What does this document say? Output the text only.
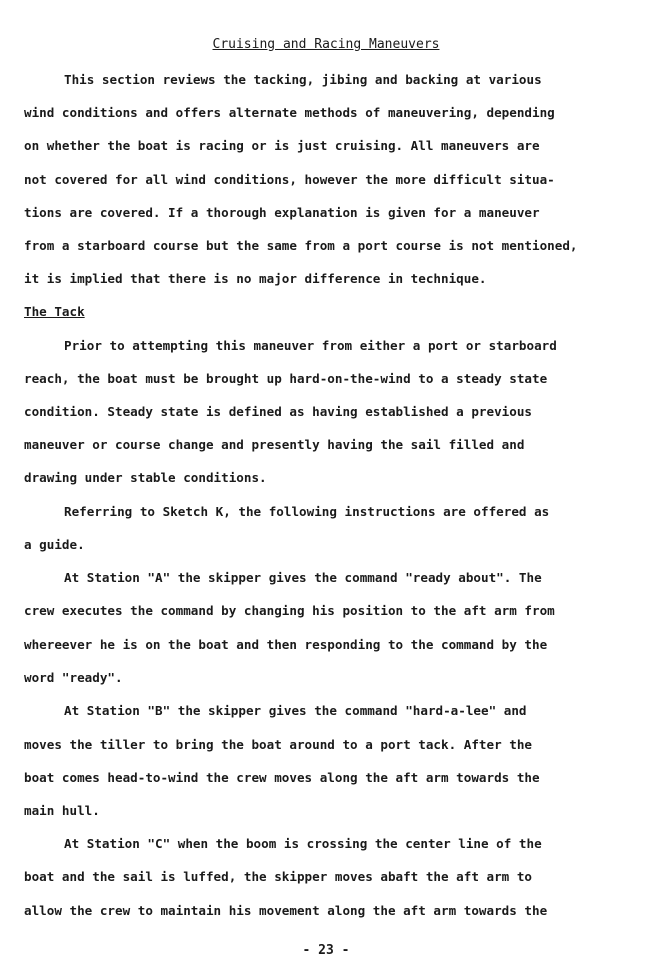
Cruising and Racing Maneuvers
This section reviews the tacking, jibing and backing at various
wind conditions and offers alternate methods of maneuvering, depending
on whether the boat is racing or is just cruising. All maneuvers are
not covered for all wind conditions, however the more difficult situa-
tions are covered. If a thorough explanation is given for a maneuver
from a starboard course but the same from a port course is not mentioned,
it is implied that there is no major difference in technique.
The Tack
Prior to attempting this maneuver from either a port or starboard
reach, the boat must be brought up hard-on-the-wind to a steady state
condition. Steady state is defined as having established a previous
maneuver or course change and presently having the sail filled and
drawing under stable conditions.
Referring to Sketch K, the following instructions are offered as
a guide.
At Station "A" the skipper gives the command "ready about". The
crew executes the command by changing his position to the aft arm from
whereever he is on the boat and then responding to the command by the
word "ready".
At Station "B" the skipper gives the command "hard-a-lee" and
moves the tiller to bring the boat around to a port tack. After the
boat comes head-to-wind the crew moves along the aft arm towards the
main hull.
At Station "C" when the boom is crossing the center line of the
boat and the sail is luffed, the skipper moves abaft the aft arm to
allow the crew to maintain his movement along the aft arm towards the
- 23 -
